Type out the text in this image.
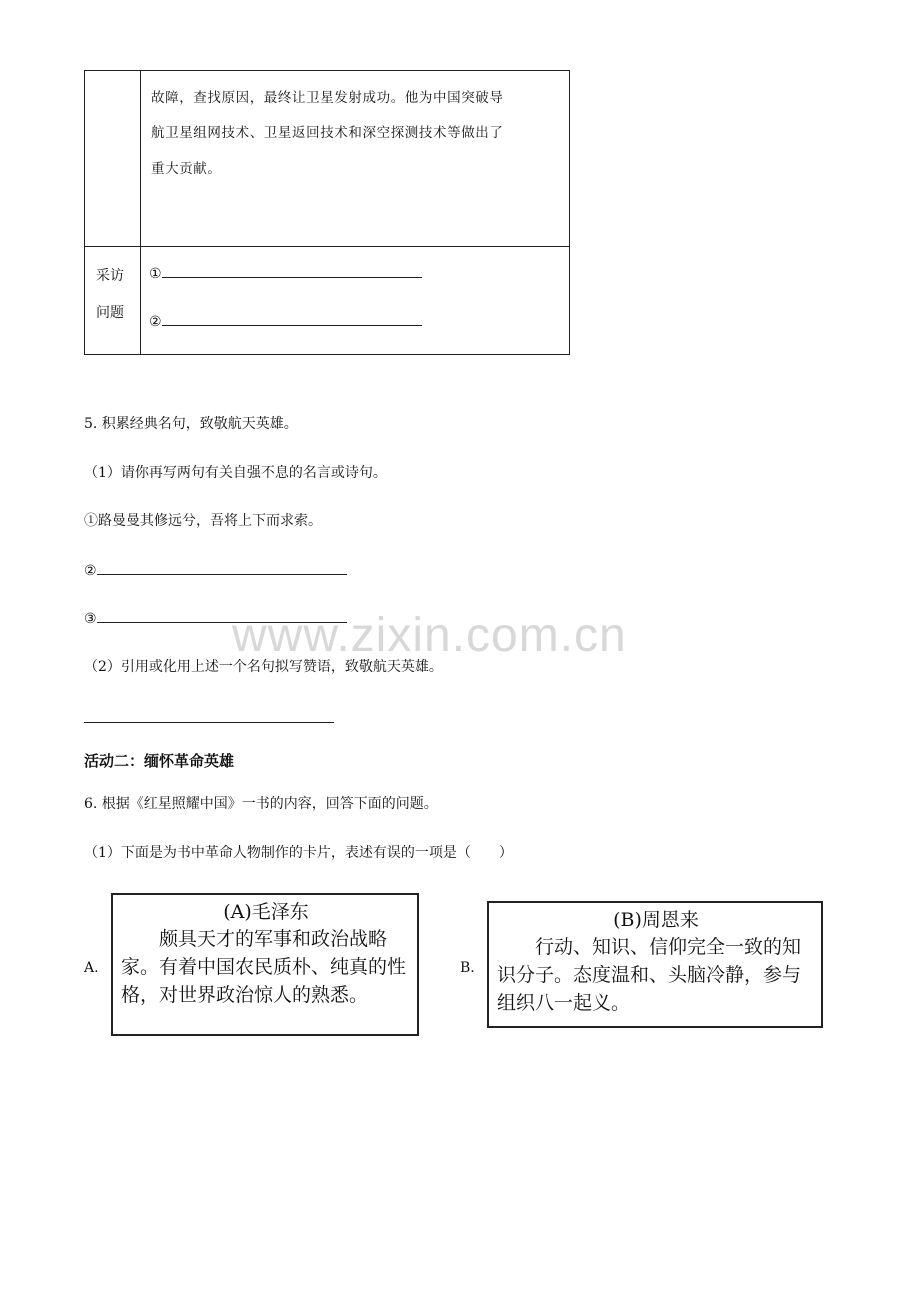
www.zixin.com.cn
故障，查找原因，最终让卫星发射成功。他为中国突破导
航卫星组网技术、卫星返回技术和深空探测技术等做出了
重大贡献。
采访
问题
①
②
5. 积累经典名句，致敬航天英雄。
（1）请你再写两句有关自强不息的名言或诗句。
①路曼曼其修远兮，吾将上下而求索。
②
③
（2）引用或化用上述一个名句拟写赞语，致敬航天英雄。
活动二：缅怀革命英雄
6. 根据《红星照耀中国》一书的内容，回答下面的问题。
（1）下面是为书中革命人物制作的卡片，表述有误的一项是（　　）
A.
(A)毛泽东
　　颇具天才的军事和政治战略家。有着中国农民质朴、纯真的性格，对世界政治惊人的熟悉。
B.
(B)周恩来
　　行动、知识、信仰完全一致的知识分子。态度温和、头脑冷静，参与组织八一起义。
